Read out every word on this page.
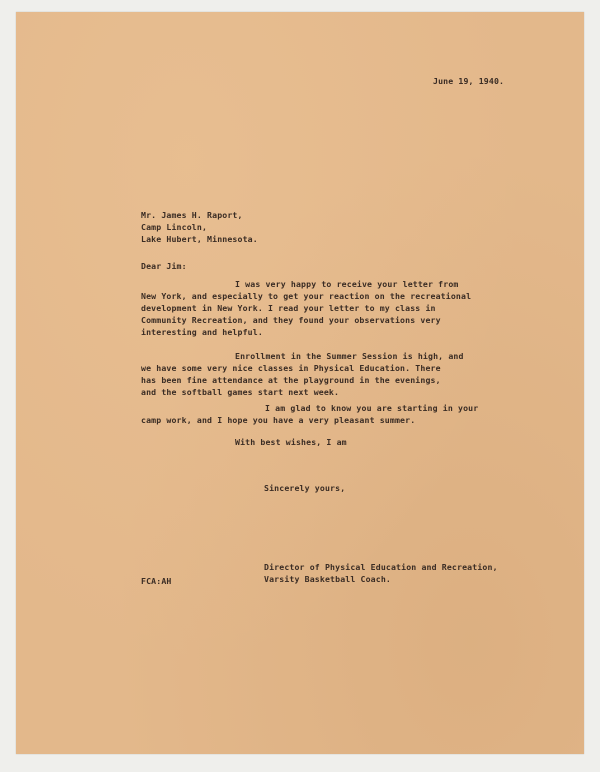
June 19, 1940.
Mr. James H. Raport,
Camp Lincoln,
Lake Hubert, Minnesota.
Dear Jim:
I was very happy to receive your letter from
New York, and especially to get your reaction on the recreational
development in New York. I read your letter to my class in
Community Recreation, and they found your observations very
interesting and helpful.
Enrollment in the Summer Session is high, and
we have some very nice classes in Physical Education. There
has been fine attendance at the playground in the evenings,
and the softball games start next week.
I am glad to know you are starting in your
camp work, and I hope you have a very pleasant summer.
With best wishes, I am
Sincerely yours,
Director of Physical Education and Recreation,
Varsity Basketball Coach.
FCA:AH
